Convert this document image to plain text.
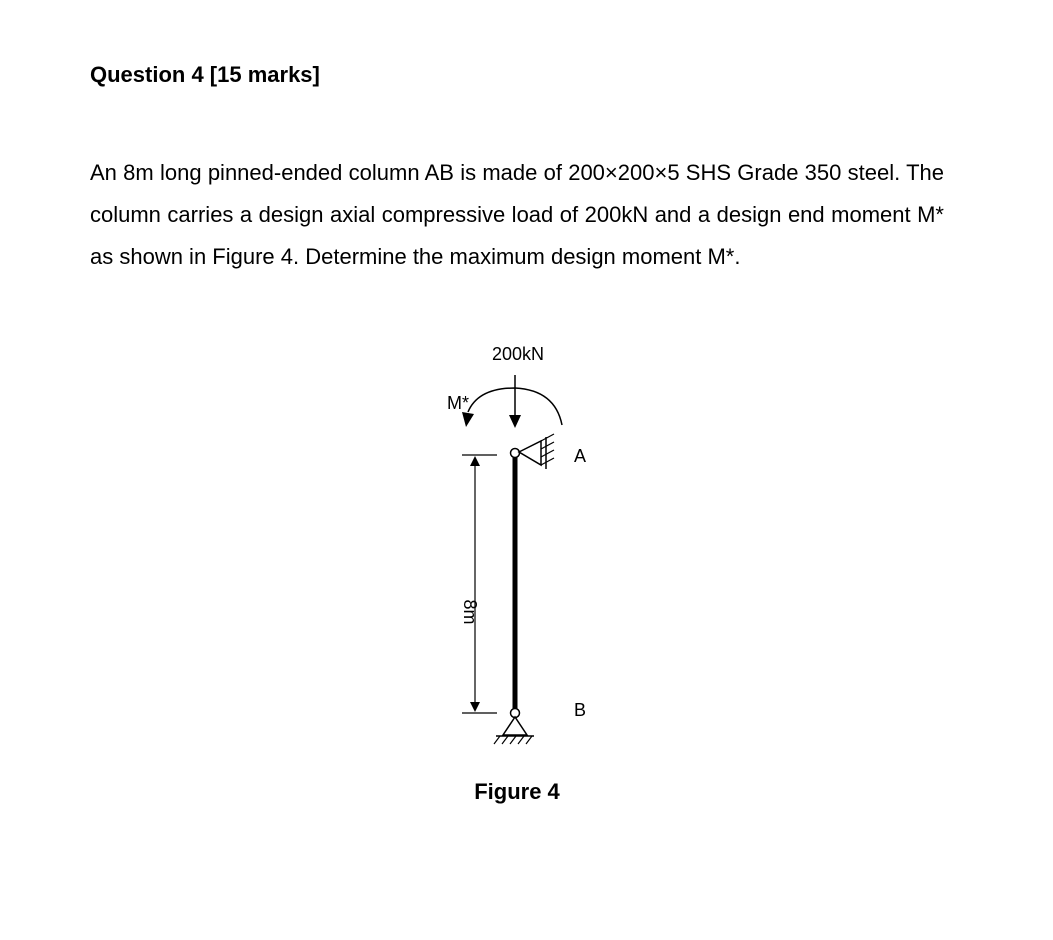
Question 4 [15 marks]

An 8m long pinned-ended column AB is made of 200×200×5 SHS Grade 350 steel. The column carries a design axial compressive load of 200kN and a design end moment M* as shown in Figure 4. Determine the maximum design moment M*.

200kN
M*
A
B
8m
Figure 4
